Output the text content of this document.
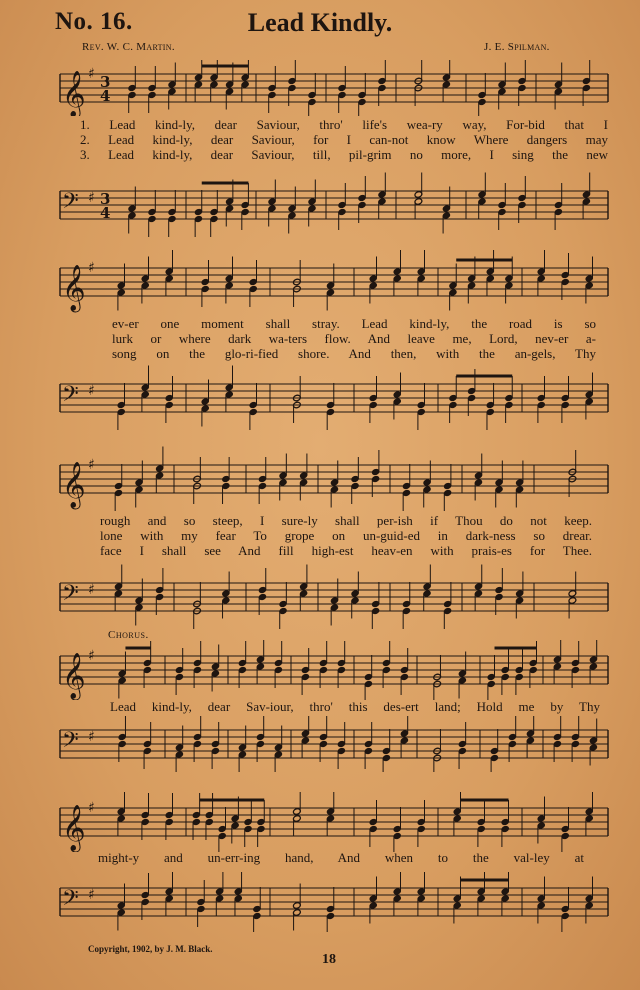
No. 16.	Lead Kindly.
Rev. W. C. Martin.	J. E. Spilman.
𝄞 ♯ 3
4
1. Lead kind-ly, dear Saviour, thro' life's wea-ry way, For-bid that I
2. Lead kind-ly, dear Saviour, for I can-not know Where dangers may
3. Lead kind-ly, dear Saviour, till, pil-grim no more, I sing the new
𝄢 ♯ 3
4
𝄞 ♯
ev-er one moment shall stray. Lead kind-ly, the road is so
lurk or where dark wa-ters flow. And leave me, Lord, nev-er a-
song on the glo-ri-fied shore. And then, with the an-gels, Thy
𝄢 ♯
𝄞 ♯
rough and so steep, I sure-ly shall per-ish if Thou do not keep.
lone with my fear To grope on un-guid-ed in dark-ness so drear.
face I shall see And fill high-est heav-en with prais-es for Thee.
𝄢 ♯
Chorus.
𝄞 ♯
Lead kind-ly, dear Sav-iour, thro' this des-ert land; Hold me by Thy
𝄢 ♯
𝄞 ♯
might-y and un-err-ing hand, And when to the val-ley at
𝄢 ♯
Copyright, 1902, by J. M. Black.
18
